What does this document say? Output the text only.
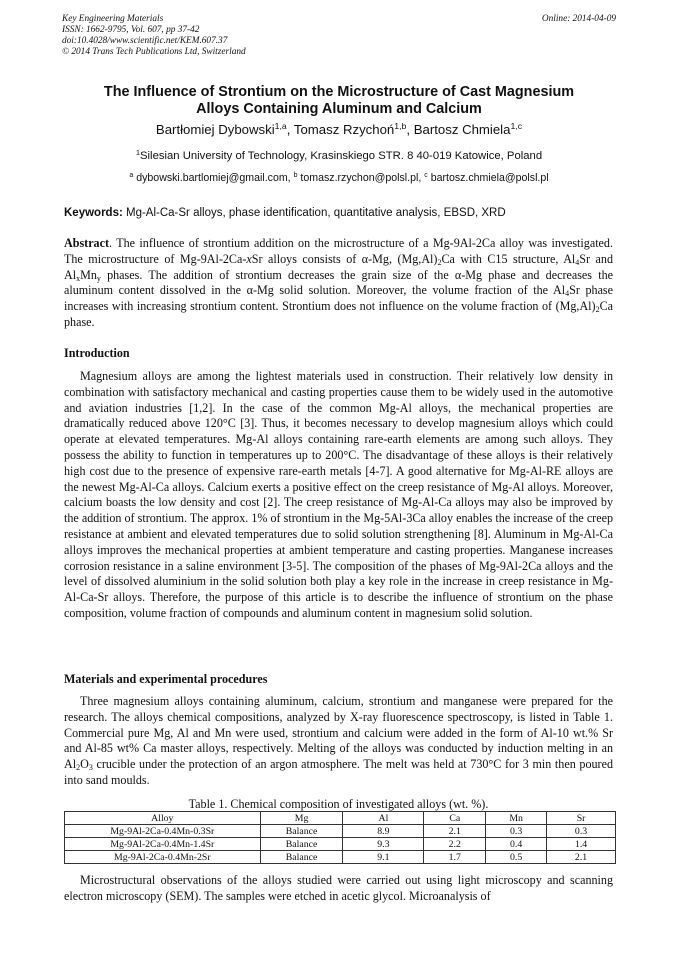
Key Engineering Materials
ISSN: 1662-9795, Vol. 607, pp 37-42
doi:10.4028/www.scientific.net/KEM.607.37
© 2014 Trans Tech Publications Ltd, Switzerland
Online: 2014-04-09
The Influence of Strontium on the Microstructure of Cast Magnesium
Alloys Containing Aluminum and Calcium
Bartłomiej Dybowski$^{1,a}$, Tomasz Rzychoń$^{1,b}$, Bartosz Chmiela$^{1,c}$
$^1$Silesian University of Technology, Krasinskiego STR. 8 40-019 Katowice, Poland
$^a$ dybowski.bartlomiej@gmail.com, $^b$ tomasz.rzychon@polsl.pl, $^c$ bartosz.chmiela@polsl.pl
Keywords: Mg-Al-Ca-Sr alloys, phase identification, quantitative analysis, EBSD, XRD
Abstract. The influence of strontium addition on the microstructure of a Mg-9Al-2Ca alloy was investigated. The microstructure of Mg-9Al-2Ca-xSr alloys consists of α-Mg, $(Mg,Al)_2Ca$ with C15 structure, $Al_4Sr$ and $Al_xMn_y$ phases. The addition of strontium decreases the grain size of the α-Mg phase and decreases the aluminum content dissolved in the α-Mg solid solution. Moreover, the volume fraction of the $Al_4Sr$ phase increases with increasing strontium content. Strontium does not influence on the volume fraction of $(Mg,Al)_2Ca$ phase.
Introduction
Magnesium alloys are among the lightest materials used in construction. Their relatively low density in combination with satisfactory mechanical and casting properties cause them to be widely used in the automotive and aviation industries [1,2]. In the case of the common Mg-Al alloys, the mechanical properties are dramatically reduced above 120°C [3]. Thus, it becomes necessary to develop magnesium alloys which could operate at elevated temperatures. Mg-Al alloys containing rare-earth elements are among such alloys. They possess the ability to function in temperatures up to 200°C. The disadvantage of these alloys is their relatively high cost due to the presence of expensive rare-earth metals [4-7]. A good alternative for Mg-Al-RE alloys are the newest Mg-Al-Ca alloys. Calcium exerts a positive effect on the creep resistance of Mg-Al alloys. Moreover, calcium boasts the low density and cost [2]. The creep resistance of Mg-Al-Ca alloys may also be improved by the addition of strontium. The approx. 1% of strontium in the Mg-5Al-3Ca alloy enables the increase of the creep resistance at ambient and elevated temperatures due to solid solution strengthening [8]. Aluminum in Mg-Al-Ca alloys improves the mechanical properties at ambient temperature and casting properties. Manganese increases corrosion resistance in a saline environment [3-5]. The composition of the phases of Mg-9Al-2Ca alloys and the level of dissolved aluminium in the solid solution both play a key role in the increase in creep resistance in Mg-Al-Ca-Sr alloys. Therefore, the purpose of this article is to describe the influence of strontium on the phase composition, volume fraction of compounds and aluminum content in magnesium solid solution.
Materials and experimental procedures
Three magnesium alloys containing aluminum, calcium, strontium and manganese were prepared for the research. The alloys chemical compositions, analyzed by X-ray fluorescence spectroscopy, is listed in Table 1. Commercial pure Mg, Al and Mn were used, strontium and calcium were added in the form of Al-10 wt.% Sr and Al-85 wt% Ca master alloys, respectively. Melting of the alloys was conducted by induction melting in an $Al_2O_3$ crucible under the protection of an argon atmosphere. The melt was held at 730°C for 3 min then poured into sand moulds.
Table 1. Chemical composition of investigated alloys (wt. %).
Alloy	Mg	Al	Ca	Mn	Sr
Mg-9Al-2Ca-0.4Mn-0.3Sr	Balance	8.9	2.1	0.3	0.3
Mg-9Al-2Ca-0.4Mn-1.4Sr	Balance	9.3	2.2	0.4	1.4
Mg-9Al-2Ca-0.4Mn-2Sr	Balance	9.1	1.7	0.5	2.1
Microstructural observations of the alloys studied were carried out using light microscopy and scanning electron microscopy (SEM). The samples were etched in acetic glycol. Microanalysis of
